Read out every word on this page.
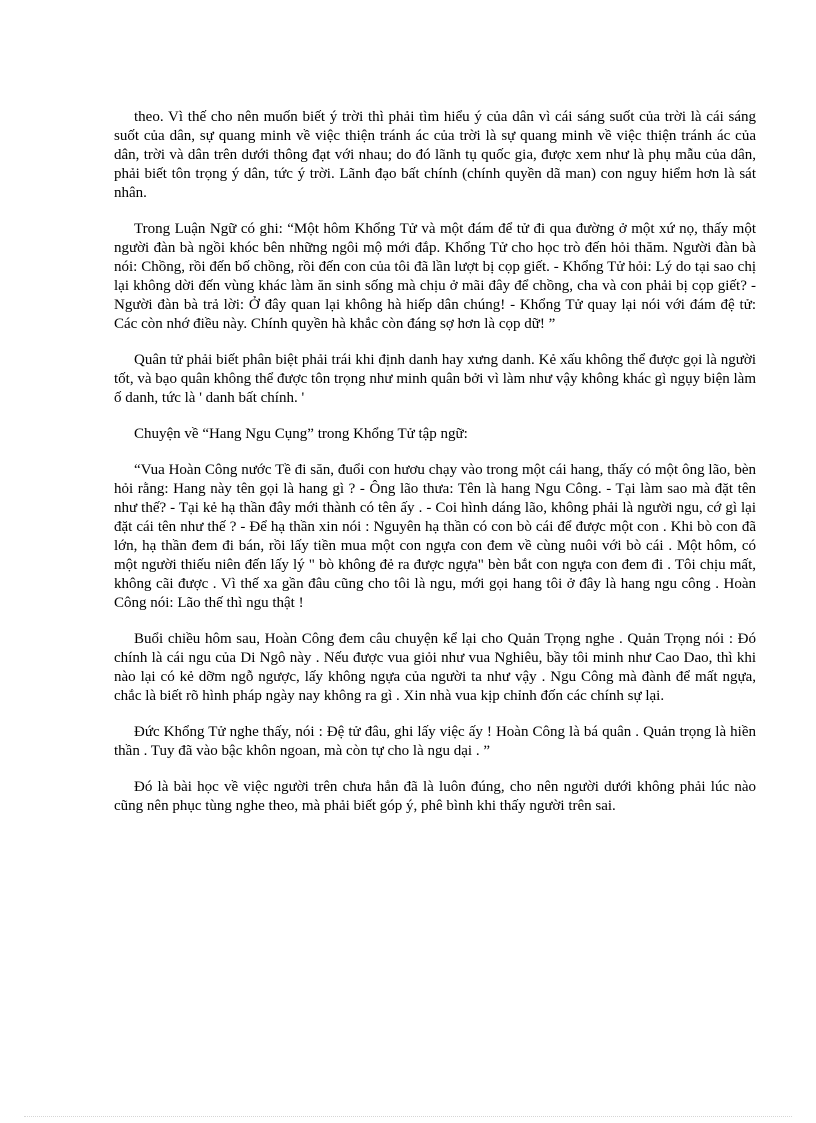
theo. Vì thế cho nên muốn biết ý trời thì phải tìm hiểu ý của dân vì cái sáng suốt của trời là cái sáng suốt của dân, sự quang minh về việc thiện tránh ác của trời là sự quang minh về việc thiện tránh ác của dân, trời và dân trên dưới thông đạt với nhau; do đó lãnh tụ quốc gia, được xem như là phụ mẫu của dân, phải biết tôn trọng ý dân, tức ý trời. Lãnh đạo bất chính (chính quyền dã man) con nguy hiểm hơn là sát nhân.

Trong Luận Ngữ có ghi: “Một hôm Khổng Tử và một đám để tử đi qua đường ở một xứ nọ, thấy một người đàn bà ngồi khóc bên những ngôi mộ mới đắp. Khổng Tử cho học trò đến hỏi thăm. Người đàn bà nói: Chồng, rồi đến bố chồng, rồi đến con của tôi đã lần lượt bị cọp giết. - Khổng Tử hỏi: Lý do tại sao chị lại không dời đến vùng khác làm ăn sinh sống mà chịu ở mãi đây để chồng, cha và con phải bị cọp giết? - Người đàn bà trả lời: Ở đây quan lại không hà hiếp dân chúng! - Khổng Tử quay lại nói với đám đệ tử: Các còn nhớ điều này. Chính quyền hà khắc còn đáng sợ hơn là cọp dữ! ”

Quân tử phải biết phân biệt phải trái khi định danh hay xưng danh. Kẻ xấu không thể được gọi là người tốt, và bạo quân không thể được tôn trọng như minh quân bởi vì làm như vậy không khác gì ngụy biện làm ố danh, tức là ' danh bất chính. '

Chuyện về “Hang Ngu Cụng” trong Khổng Tử tập ngữ:

“Vua Hoàn Công nước Tề đi săn, đuổi con hươu chạy vào trong một cái hang, thấy có một ông lão, bèn hỏi rằng: Hang này tên gọi là hang gì ? - Ông lão thưa: Tên là hang Ngu Công. - Tại làm sao mà đặt tên như thế? - Tại kẻ hạ thần đây mới thành có tên ấy . - Coi hình dáng lão, không phải là người ngu, cớ gì lại đặt cái tên như thế ? - Để hạ thần xin nói : Nguyên hạ thần có con bò cái để được một con . Khi bò con đã lớn, hạ thần đem đi bán, rồi lấy tiền mua một con ngựa con đem về cùng nuôi với bò cái . Một hôm, có một người thiếu niên đến lấy lý " bò không đẻ ra được ngựa" bèn bắt con ngựa con đem đi . Tôi chịu mất, không cãi được . Vì thế xa gần đâu cũng cho tôi là ngu, mới gọi hang tôi ở đây là hang ngu công . Hoàn Công nói: Lão thế thì ngu thật !

Buổi chiều hôm sau, Hoàn Công đem câu chuyện kể lại cho Quản Trọng nghe . Quản Trọng nói : Đó chính là cái ngu của Di Ngô này . Nếu được vua giỏi như vua Nghiêu, bầy tôi minh như Cao Dao, thì khi nào lại có kẻ dỡm ngỗ ngược, lấy không ngựa của người ta như vậy . Ngu Công mà đành để mất ngựa, chắc là biết rõ hình pháp ngày nay không ra gì . Xin nhà vua kịp chỉnh đốn các chính sự lại.

Đức Khổng Tử nghe thấy, nói : Đệ tử đâu, ghi lấy việc ấy ! Hoàn Công là bá quân . Quản trọng là hiền thần . Tuy đã vào bậc khôn ngoan, mà còn tự cho là ngu dại . ”

Đó là bài học về việc người trên chưa hẳn đã là luôn đúng, cho nên người dưới không phải lúc nào cũng nên phục tùng nghe theo, mà phải biết góp ý, phê bình khi thấy người trên sai.
